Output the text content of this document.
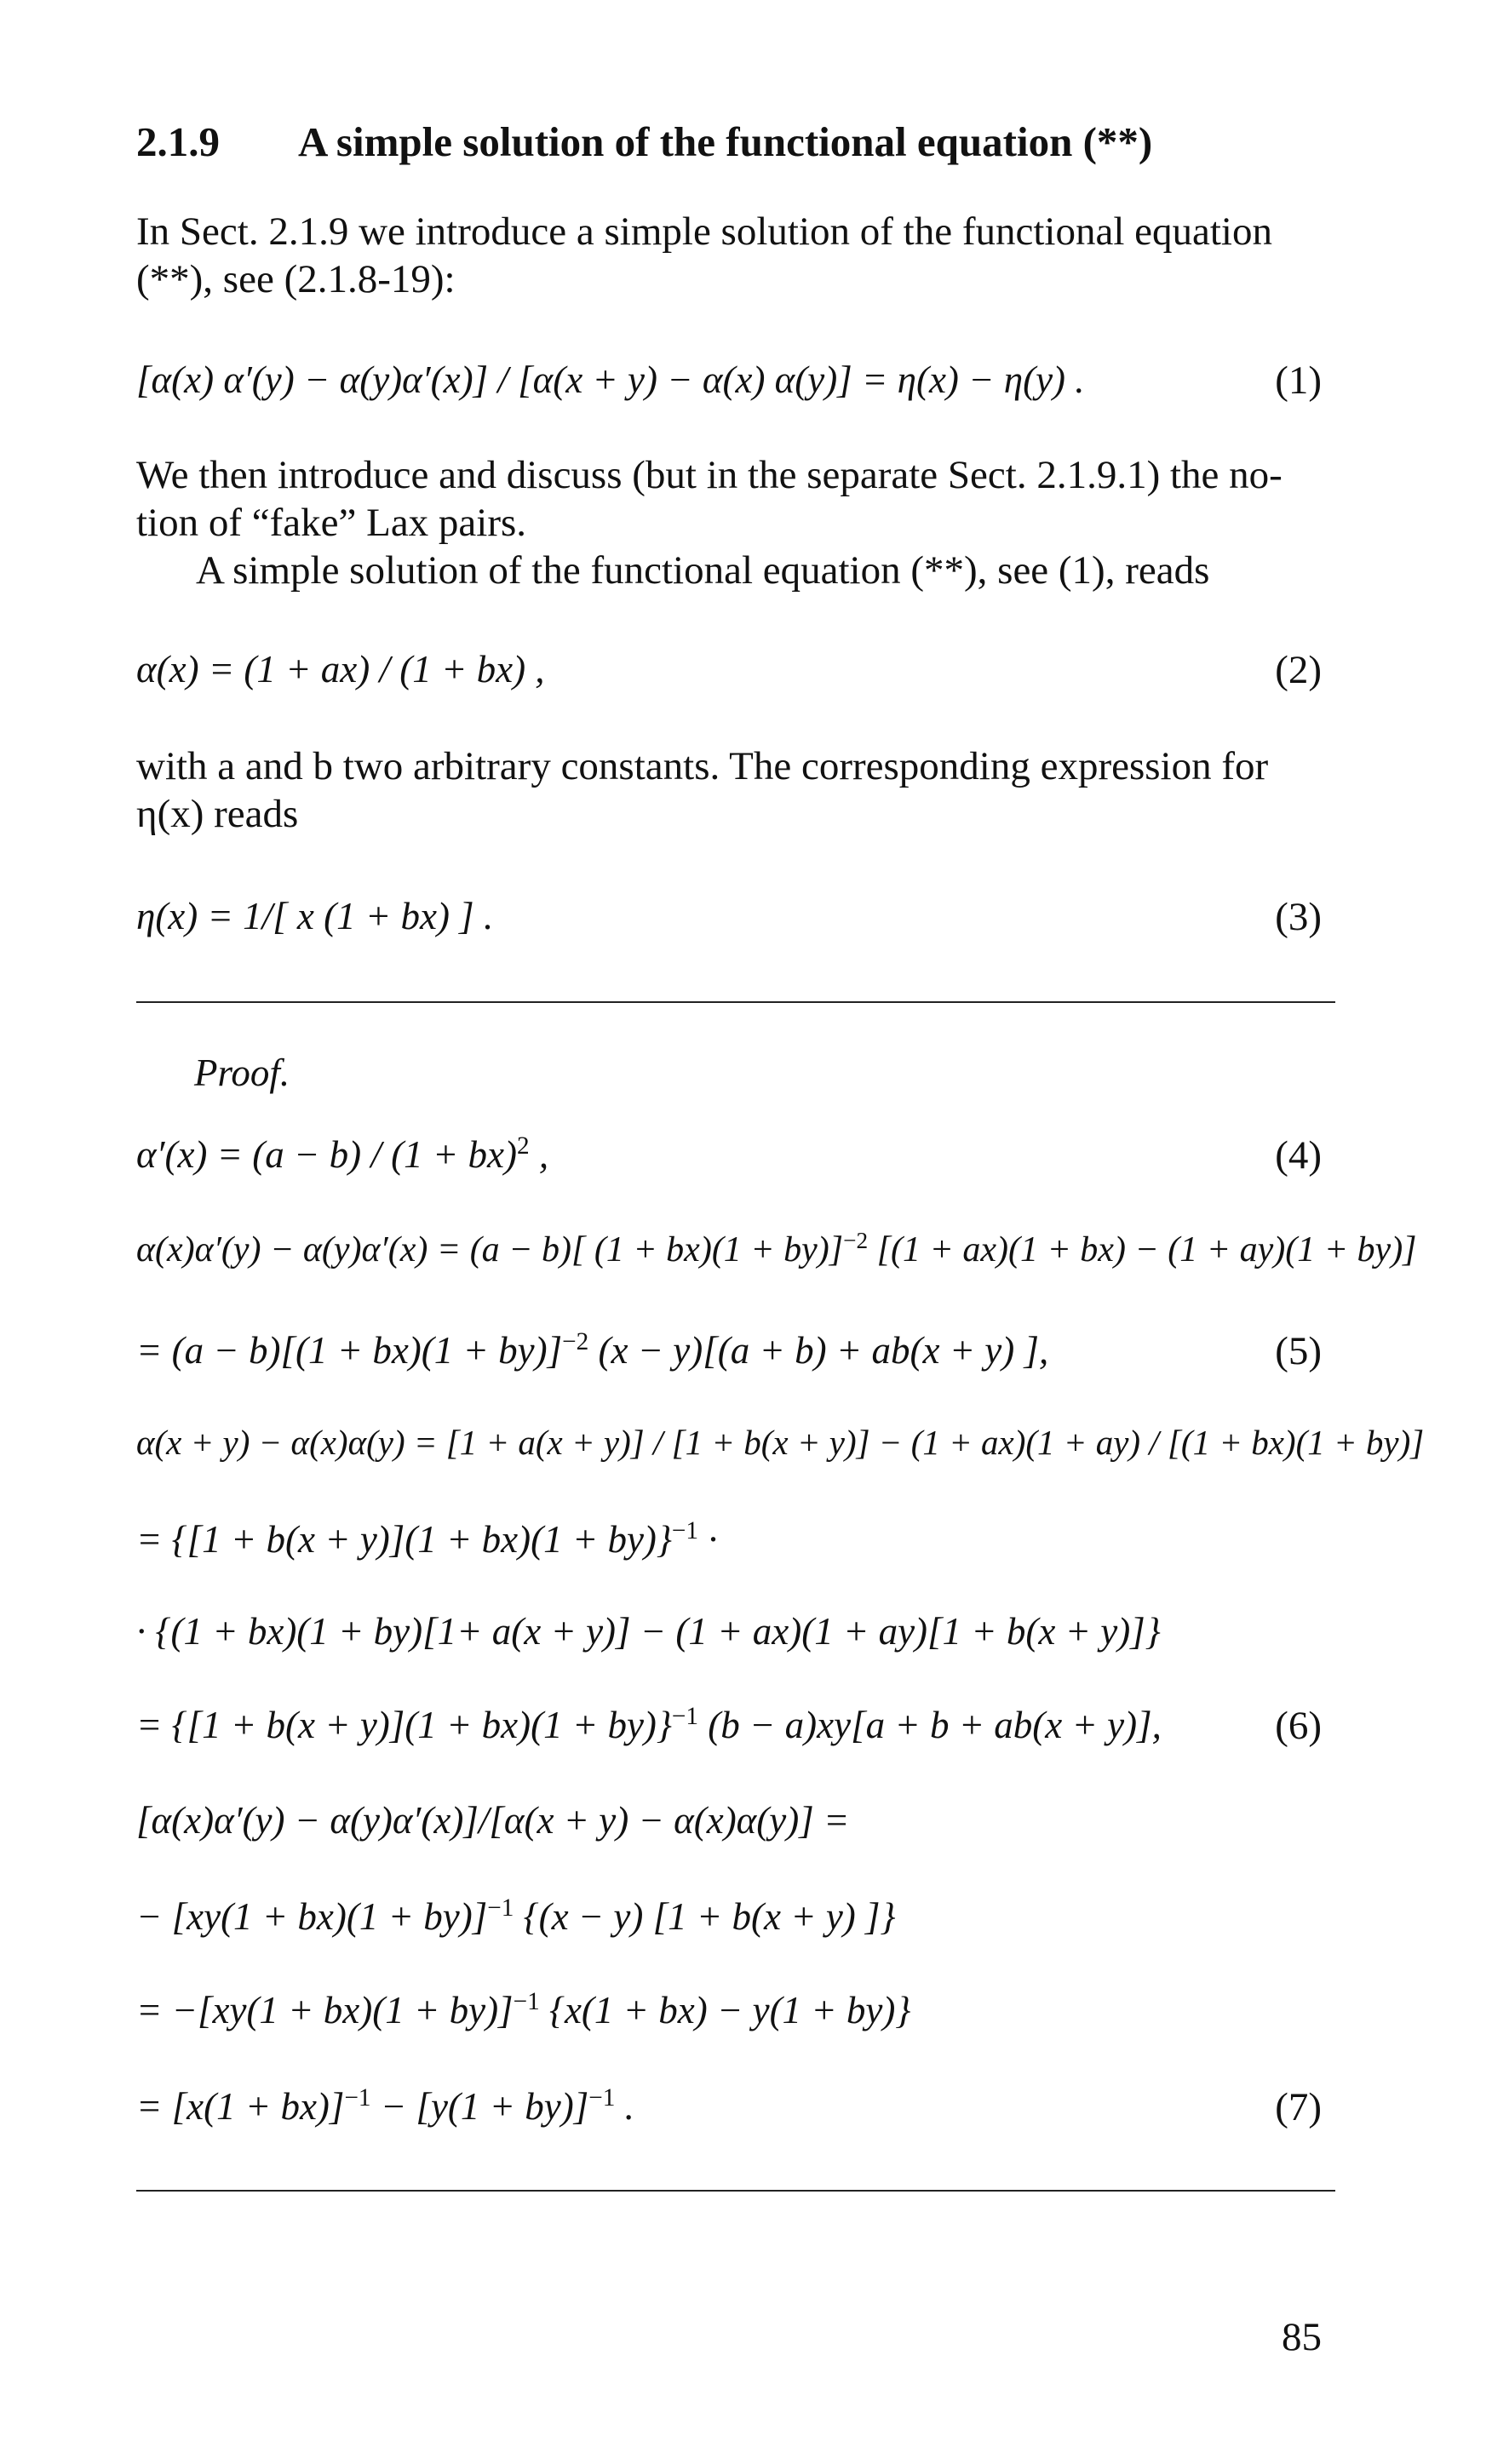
2.1.9 A simple solution of the functional equation (**)
In Sect. 2.1.9 we introduce a simple solution of the functional equation
(**), see (2.1.8-19):
[α(x) α′(y) − α(y)α′(x)] / [α(x + y) − α(x) α(y)] = η(x) − η(y) .	(1)
We then introduce and discuss (but in the separate Sect. 2.1.9.1) the no-
tion of “fake” Lax pairs.
A simple solution of the functional equation (**), see (1), reads
α(x) = (1 + ax) / (1 + bx) ,	(2)
with a and b two arbitrary constants. The corresponding expression for
η(x) reads
η(x) = 1/[ x (1 + bx) ] .	(3)
Proof.
α′(x) = (a − b) / (1 + bx)$^2$ ,	(4)
α(x)α′(y) − α(y)α′(x) = (a − b)[ (1 + bx)(1 + by)]$^{-2}$ [(1 + ax)(1 + bx) − (1 + ay)(1 + by)]
= $(a - b)[(1 + bx)(1 + by)]^{-2}$ (x − y)[(a + b) + ab(x + y) ],	(5)
α(x + y) − α(x)α(y) = [1 + a(x + y)] / [1 + b(x + y)] − (1 + ax)(1 + ay) / [(1 + bx)(1 + by)]
= $\{[1 + b(x + y)](1 + bx)(1 + by)\}^{-1}$ ·
· {(1 + bx)(1 + by)[1+ a(x + y)] − (1 + ax)(1 + ay)[1 + b(x + y)]}
= $\{[1 + b(x + y)](1 + bx)(1 + by)\}^{-1}$ (b − a)xy[a + b + ab(x + y)],	(6)
[α(x)α′(y) − α(y)α′(x)]/[α(x + y) − α(x)α(y)] =
− $[xy(1 + bx)(1 + by)]^{-1}$ {(x − y) [1 + b(x + y) ]}
= $-[xy(1 + bx)(1 + by)]^{-1}$ {x(1 + bx) − y(1 + by)}
= $[x(1 + bx)]^{-1} - [y(1 + by)]^{-1}$ .	(7)
85
